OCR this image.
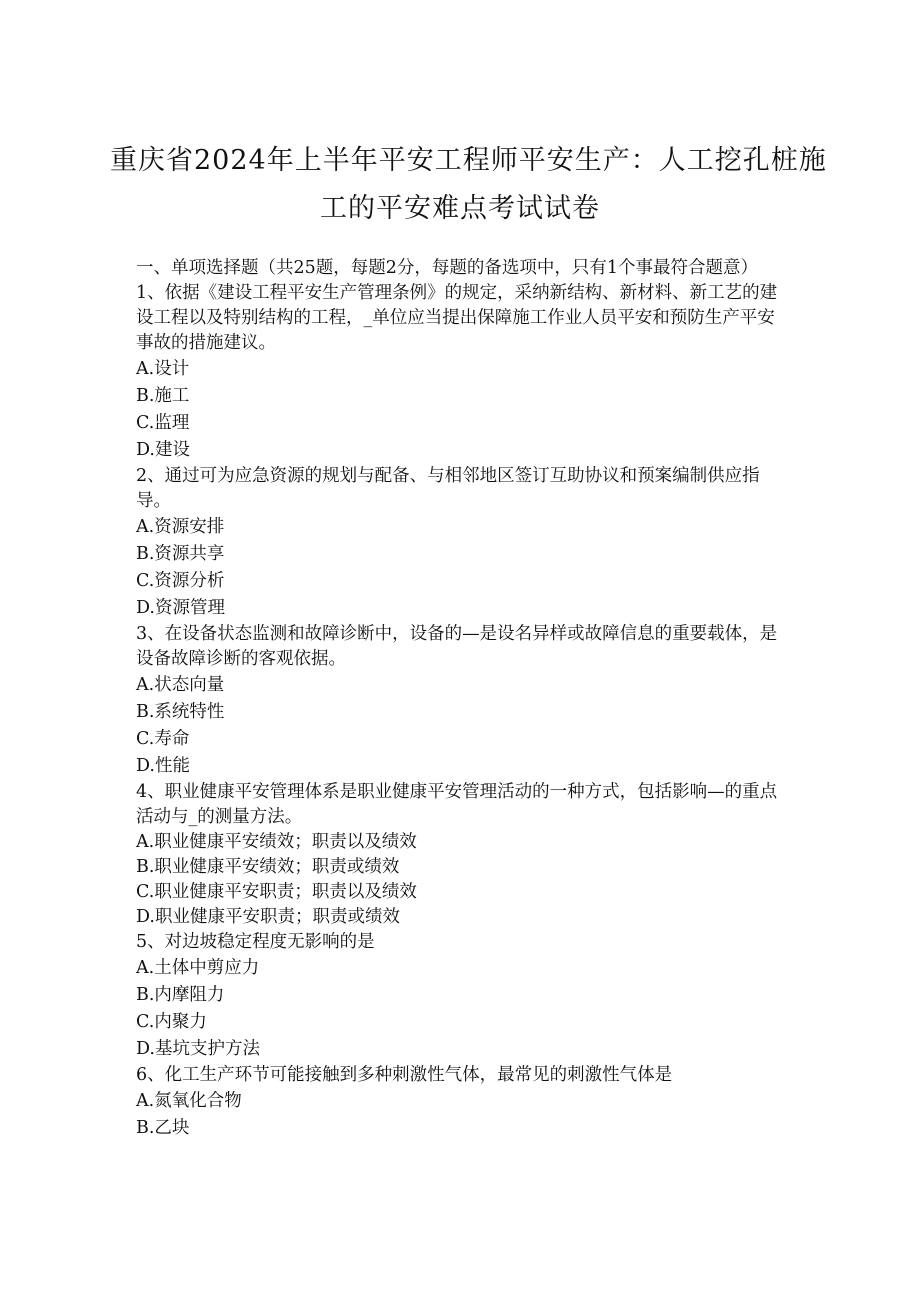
重庆省2024年上半年平安工程师平安生产：人工挖孔桩施
工的平安难点考试试卷

一、单项选择题（共25题，每题2分，每题的备选项中，只有1个事最符合题意）

1、依据《建设工程平安生产管理条例》的规定，采纳新结构、新材料、新工艺的建设工程以及特别结构的工程，_单位应当提出保障施工作业人员平安和预防生产平安事故的措施建议。

A.设计

B.施工

C.监理

D.建设

2、通过可为应急资源的规划与配备、与相邻地区签订互助协议和预案编制供应指导。

A.资源安排

B.资源共享

C.资源分析

D.资源管理

3、在设备状态监测和故障诊断中，设备的—是设名异样或故障信息的重要载体，是设备故障诊断的客观依据。

A.状态向量

B.系统特性

C.寿命

D.性能

4、职业健康平安管理体系是职业健康平安管理活动的一种方式，包括影响—的重点活动与_的测量方法。

A.职业健康平安绩效；职责以及绩效

B.职业健康平安绩效；职责或绩效

C.职业健康平安职责；职责以及绩效

D.职业健康平安职责；职责或绩效

5、对边坡稳定程度无影响的是

A.土体中剪应力

B.内摩阻力

C.内聚力

D.基坑支护方法

6、化工生产环节可能接触到多种刺激性气体，最常见的刺激性气体是

A.氮氧化合物

B.乙块
